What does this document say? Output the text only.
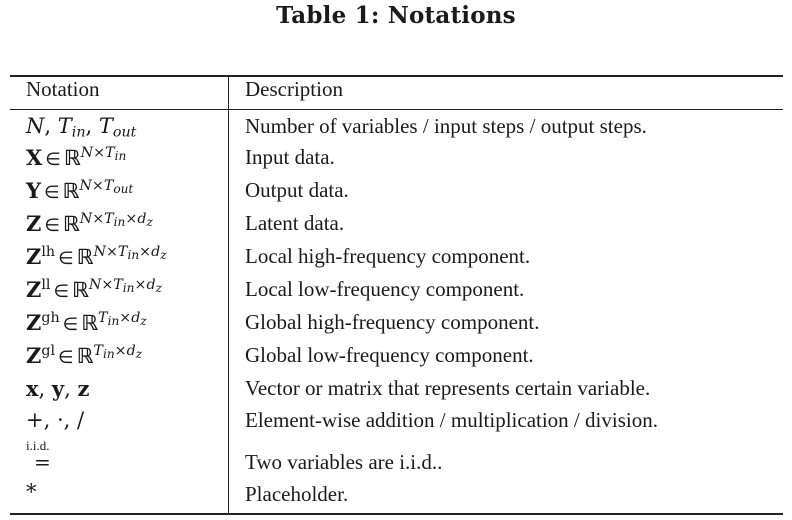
Table 1: Notations
Notation	Description
N, $T_{in}$, $T_{out}$	Number of variables / input steps / output steps.
X ∈ ℝ$^{N\times T_{in}}$	Input data.
Y ∈ ℝ$^{N\times T_{out}}$	Output data.
Z ∈ ℝ$^{N\times T_{in}\times d_z}$	Latent data.
$Z^{lh}$ ∈ ℝ$^{N\times T_{in}\times d_z}$	Local high-frequency component.
$Z^{ll}$ ∈ ℝ$^{N\times T_{in}\times d_z}$	Local low-frequency component.
$Z^{gh}$ ∈ ℝ$^{T_{in}\times d_z}$	Global high-frequency component.
$Z^{gl}$ ∈ ℝ$^{T_{in}\times d_z}$	Global low-frequency component.
x, y, z	Vector or matrix that represents certain variable.
+, ·, /	Element-wise addition / multiplication / division.
i.i.d.
=	Two variables are i.i.d..
*	Placeholder.
